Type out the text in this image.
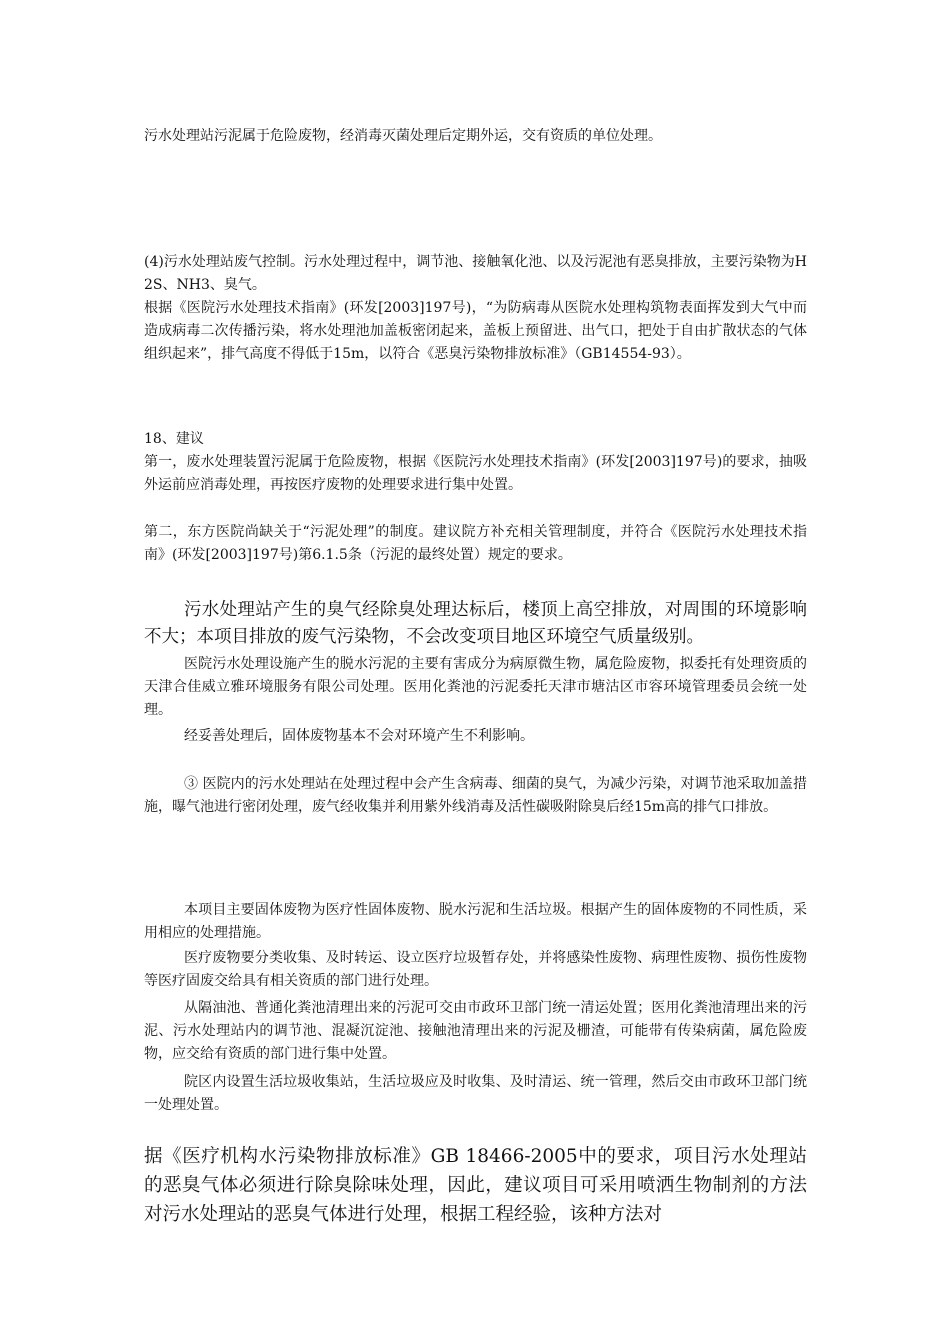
污水处理站污泥属于危险废物，经消毒灭菌处理后定期外运，交有资质的单位处理。

(4)污水处理站废气控制。污水处理过程中，调节池、接触氧化池、以及污泥池有恶臭排放，主要污染物为H2S、NH3、臭气。

根据《医院污水处理技术指南》(环发[2003]197号)，“为防病毒从医院水处理构筑物表面挥发到大气中而造成病毒二次传播污染，将水处理池加盖板密闭起来，盖板上预留进、出气口，把处于自由扩散状态的气体组织起来”，排气高度不得低于15m，以符合《恶臭污染物排放标准》（GB14554-93）。

18、建议

第一，废水处理装置污泥属于危险废物，根据《医院污水处理技术指南》(环发[2003]197号)的要求，抽吸外运前应消毒处理，再按医疗废物的处理要求进行集中处置。

第二，东方医院尚缺关于“污泥处理”的制度。建议院方补充相关管理制度，并符合《医院污水处理技术指南》(环发[2003]197号)第6.1.5条（污泥的最终处置）规定的要求。

污水处理站产生的臭气经除臭处理达标后，楼顶上高空排放，对周围的环境影响不大；本项目排放的废气污染物，不会改变项目地区环境空气质量级别。

医院污水处理设施产生的脱水污泥的主要有害成分为病原微生物，属危险废物，拟委托有处理资质的天津合佳威立雅环境服务有限公司处理。医用化粪池的污泥委托天津市塘沽区市容环境管理委员会统一处理。

经妥善处理后，固体废物基本不会对环境产生不利影响。

③ 医院内的污水处理站在处理过程中会产生含病毒、细菌的臭气，为减少污染，对调节池采取加盖措施，曝气池进行密闭处理，废气经收集并利用紫外线消毒及活性碳吸附除臭后经15m高的排气口排放。

本项目主要固体废物为医疗性固体废物、脱水污泥和生活垃圾。根据产生的固体废物的不同性质，采用相应的处理措施。

医疗废物要分类收集、及时转运、设立医疗垃圾暂存处，并将感染性废物、病理性废物、损伤性废物等医疗固废交给具有相关资质的部门进行处理。

从隔油池、普通化粪池清理出来的污泥可交由市政环卫部门统一清运处置；医用化粪池清理出来的污泥、污水处理站内的调节池、混凝沉淀池、接触池清理出来的污泥及栅渣，可能带有传染病菌，属危险废物，应交给有资质的部门进行集中处置。

院区内设置生活垃圾收集站，生活垃圾应及时收集、及时清运、统一管理，然后交由市政环卫部门统一处理处置。

据《医疗机构水污染物排放标准》GB 18466-2005中的要求，项目污水处理站的恶臭气体必须进行除臭除味处理，因此，建议项目可采用喷洒生物制剂的方法对污水处理站的恶臭气体进行处理，根据工程经验，该种方法对
